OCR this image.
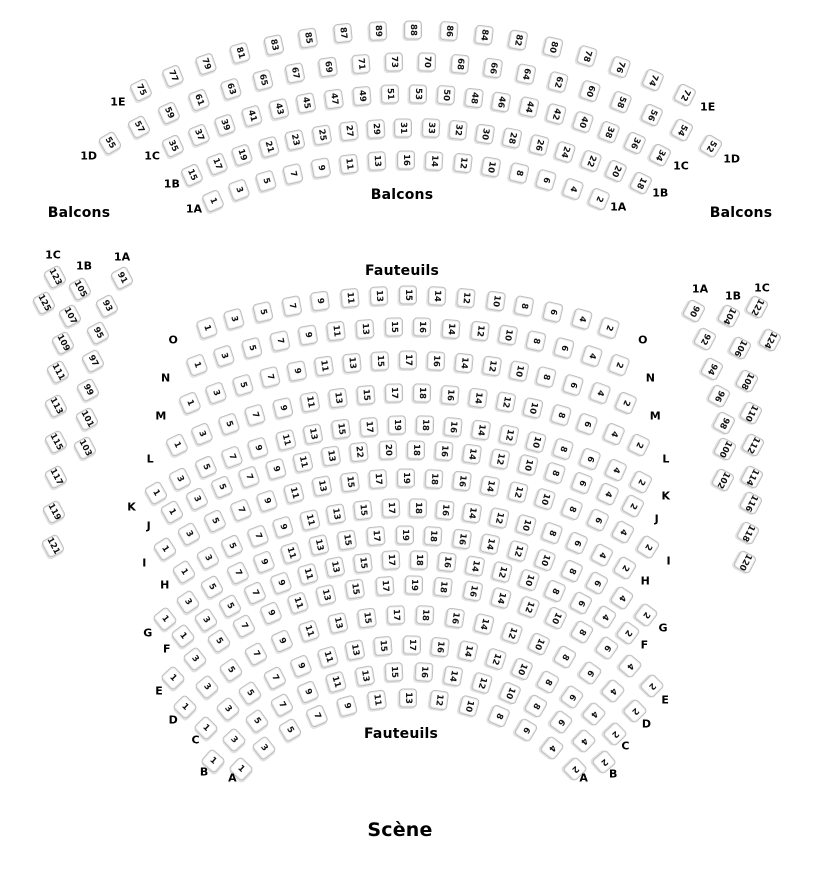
Balcons
Balcons	Balcons
Fauteuils
Fauteuils
Scène
1
3
5
7
9	11	13	16	14	12	10	8
6
4
2
1A	1A
15
17
19
21	23	25	27	29	31	33	32	30	28	26
24
22
20
18
1B
1B
35
37
39
41
43	45	47	49	51	53	50	48	46	44	42
40
38
36
34
1C
1C
55
57
59
61
63
65
67	69	71	73	70	68	66	64
62
60
58
56
54
52
1D	1D
75
77
79
81
83	85	87	89	88	86	84	82
80
78
76
74
72
1E	1E
1
3
5
7
9	11	13	15	14	12	10	8
6
4
2
O	O
1
3
5
7
9	11	13	15	16	14	12	10	8
6
4
2
N	N
1
3
5
7
9	11	13	15	17	16	14	12	10	8
6
4
2
M	M
1
3
5
7
9	11	13	15	17	18	16	14	12	10
8
6
4
2
L	L
1
3
5
7
9
11	13	15	17	19	18	16	14	12	10
8
6
4
2
K
K
1
3
5
7
9
11	13	22	20	18	16	14	12	10
8
6
4
2
J
J
1
3
5
7
9
11	13	15	17	19	18	16	14	12
10
8
6
4
2
I	I
1
3
5
7
9
11	13	15	17	18	16	14	12	10
8
6
4
2
H	H
1
3
5
7
9
11
13	15	17	19	18	16	14	12
10
8
6
4
2
G	G
1
3
5
7
9
11	13	15	17	18	16	14	12
10
8
6
4
2
F	F
1
3
5
7
9
11
13	15	17	19	18	16	14
12
10
8
6
4
2
E
E
1
3
5
7
9
11
13	15	17	18	16	14
12
10
8
6
4
2
D	D
1
3
5
7
9
11	13	15	17	16	14
12
10
8
6
4
2
C	C
1
3
5
7
9
11	13	15	16	14	12
10
8
6
4
2
B	B
1
3
5
7
9	11	13	12	10
8
6
4
2
A	A
1C
123
125
1B
105
107
109
111
113
115
117
119
121
1A
91
93
95
97
99
101
103
1A
90
92
94
96
98
100
102
1B
104
106
108
110
112
114
116
118
120
1C
122
124
